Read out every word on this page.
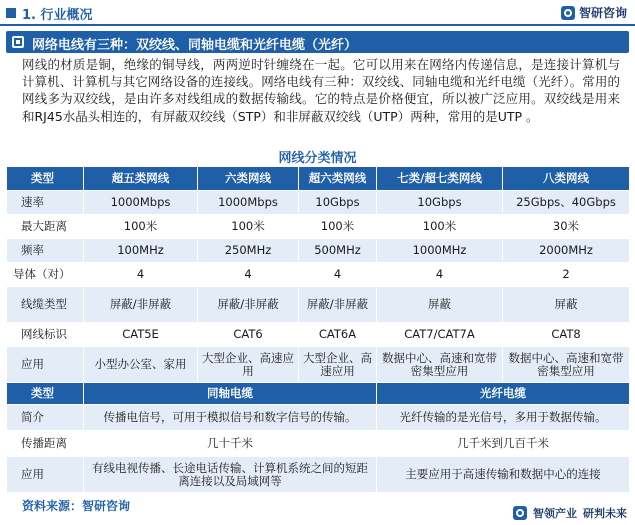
1. 行业概况	智研咨询
网络电线有三种：双绞线、同轴电缆和光纤电缆（光纤）

网线的材质是铜，绝缘的铜导线，两两逆时针缠绕在一起。它可以用来在网络内传递信息，是连接计算机与计算机、计算机与其它网络设备的连接线。网络电线有三种：双绞线、同轴电缆和光纤电缆（光纤）。常用的网线多为双绞线，是由许多对线组成的数据传输线。它的特点是价格便宜，所以被广泛应用。双绞线是用来和RJ45水晶头相连的，有屏蔽双绞线（STP）和非屏蔽双绞线（UTP）两种，常用的是UTP 。

网线分类情况
类型	超五类网线	六类网线	超六类网线	七类/超七类网线	八类网线
速率	1000Mbps	1000Mbps	10Gbps	10Gbps	25Gbps、40Gbps
最大距离	100米	100米	100米	100米	30米
频率	100MHz	250MHz	500MHz	1000MHz	2000MHz
导体（对）	4	4	4	4	2
线缆类型	屏蔽/非屏蔽	屏蔽/非屏蔽	屏蔽/非屏蔽	屏蔽	屏蔽
网线标识	CAT5E	CAT6	CAT6A	CAT7/CAT7A	CAT8
应用	小型办公室、家用	大型企业、高速应用	大型企业、高速应用	数据中心、高速和宽带密集型应用	数据中心、高速和宽带密集型应用
类型	同轴电缆			光纤电缆	
简介	传播电信号，可用于模拟信号和数字信号的传输。			光纤传输的是光信号，多用于数据传输。	
传播距离	几十千米			几千米到几百千米	
应用	有线电视传播、长途电话传输、计算机系统之间的短距离连接以及局域网等			主要应用于高速传输和数据中心的连接	
资料来源：智研咨询
智领产业 研判未来
